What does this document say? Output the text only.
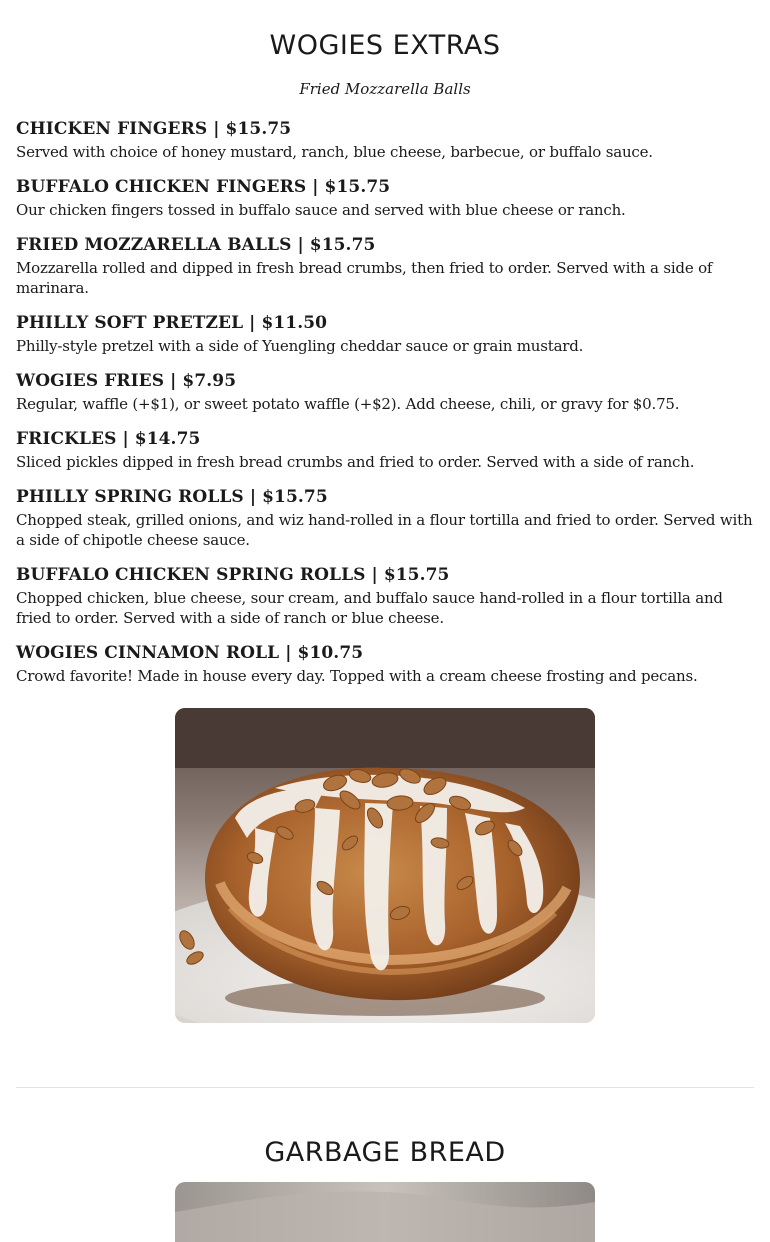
WOGIES EXTRAS
Fried Mozzarella Balls

CHICKEN FINGERS | $15.75

Served with choice of honey mustard, ranch, blue cheese, barbecue, or buffalo sauce.

BUFFALO CHICKEN FINGERS | $15.75

Our chicken fingers tossed in buffalo sauce and served with blue cheese or ranch.

FRIED MOZZARELLA BALLS | $15.75

Mozzarella rolled and dipped in fresh bread crumbs, then fried to order. Served with a side of marinara.

PHILLY SOFT PRETZEL | $11.50

Philly-style pretzel with a side of Yuengling cheddar sauce or grain mustard.

WOGIES FRIES | $7.95

Regular, waffle (+$1), or sweet potato waffle (+$2). Add cheese, chili, or gravy for $0.75.

FRICKLES | $14.75

Sliced pickles dipped in fresh bread crumbs and fried to order. Served with a side of ranch.

PHILLY SPRING ROLLS | $15.75

Chopped steak, grilled onions, and wiz hand-rolled in a flour tortilla and fried to order. Served with a side of chipotle cheese sauce.

BUFFALO CHICKEN SPRING ROLLS | $15.75

Chopped chicken, blue cheese, sour cream, and buffalo sauce hand-rolled in a flour tortilla and fried to order. Served with a side of ranch or blue cheese.

WOGIES CINNAMON ROLL | $10.75

Crowd favorite! Made in house every day. Topped with a cream cheese frosting and pecans.

GARBAGE BREAD
